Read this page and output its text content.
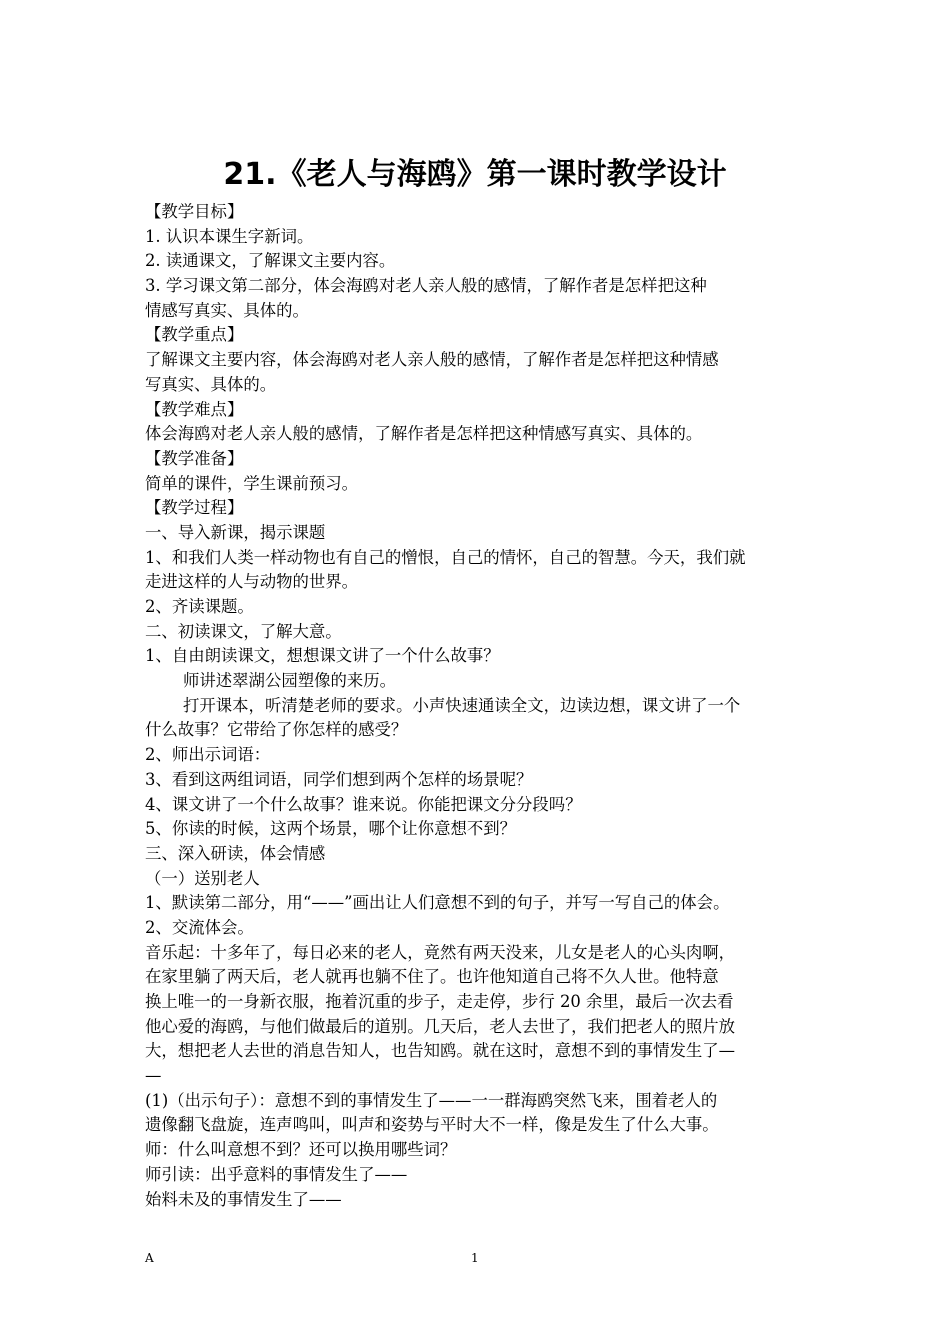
21.《老人与海鸥》第一课时教学设计
【教学目标】
1. 认识本课生字新词。
2. 读通课文，了解课文主要内容。
3. 学习课文第二部分，体会海鸥对老人亲人般的感情，了解作者是怎样把这种
情感写真实、具体的。
【教学重点】
了解课文主要内容，体会海鸥对老人亲人般的感情，了解作者是怎样把这种情感
写真实、具体的。
【教学难点】
体会海鸥对老人亲人般的感情，了解作者是怎样把这种情感写真实、具体的。
【教学准备】
简单的课件，学生课前预习。
【教学过程】
一、导入新课，揭示课题
1、和我们人类一样动物也有自己的憎恨，自己的情怀，自己的智慧。今天，我们就
走进这样的人与动物的世界。
2、齐读课题。
二、初读课文，了解大意。
1、自由朗读课文，想想课文讲了一个什么故事？
师讲述翠湖公园塑像的来历。
打开课本，听清楚老师的要求。小声快速通读全文，边读边想，课文讲了一个
什么故事？它带给了你怎样的感受？
2、师出示词语：
3、看到这两组词语，同学们想到两个怎样的场景呢？
4、课文讲了一个什么故事？谁来说。你能把课文分分段吗？
5、你读的时候，这两个场景，哪个让你意想不到？
三、深入研读，体会情感
（一）送别老人
1、默读第二部分，用“——”画出让人们意想不到的句子，并写一写自己的体会。
2、交流体会。
音乐起：十多年了，每日必来的老人，竟然有两天没来，儿女是老人的心头肉啊，
在家里躺了两天后，老人就再也躺不住了。也许他知道自己将不久人世。他特意
换上唯一的一身新衣服，拖着沉重的步子，走走停，步行 20 余里，最后一次去看
他心爱的海鸥，与他们做最后的道别。几天后，老人去世了，我们把老人的照片放
大，想把老人去世的消息告知人，也告知鸥。就在这时，意想不到的事情发生了—
—
(1)（出示句子）：意想不到的事情发生了——一一群海鸥突然飞来，围着老人的
遗像翻飞盘旋，连声鸣叫，叫声和姿势与平时大不一样，像是发生了什么大事。
师：什么叫意想不到？还可以换用哪些词？
师引读：出乎意料的事情发生了——
始料未及的事情发生了——
A	1
